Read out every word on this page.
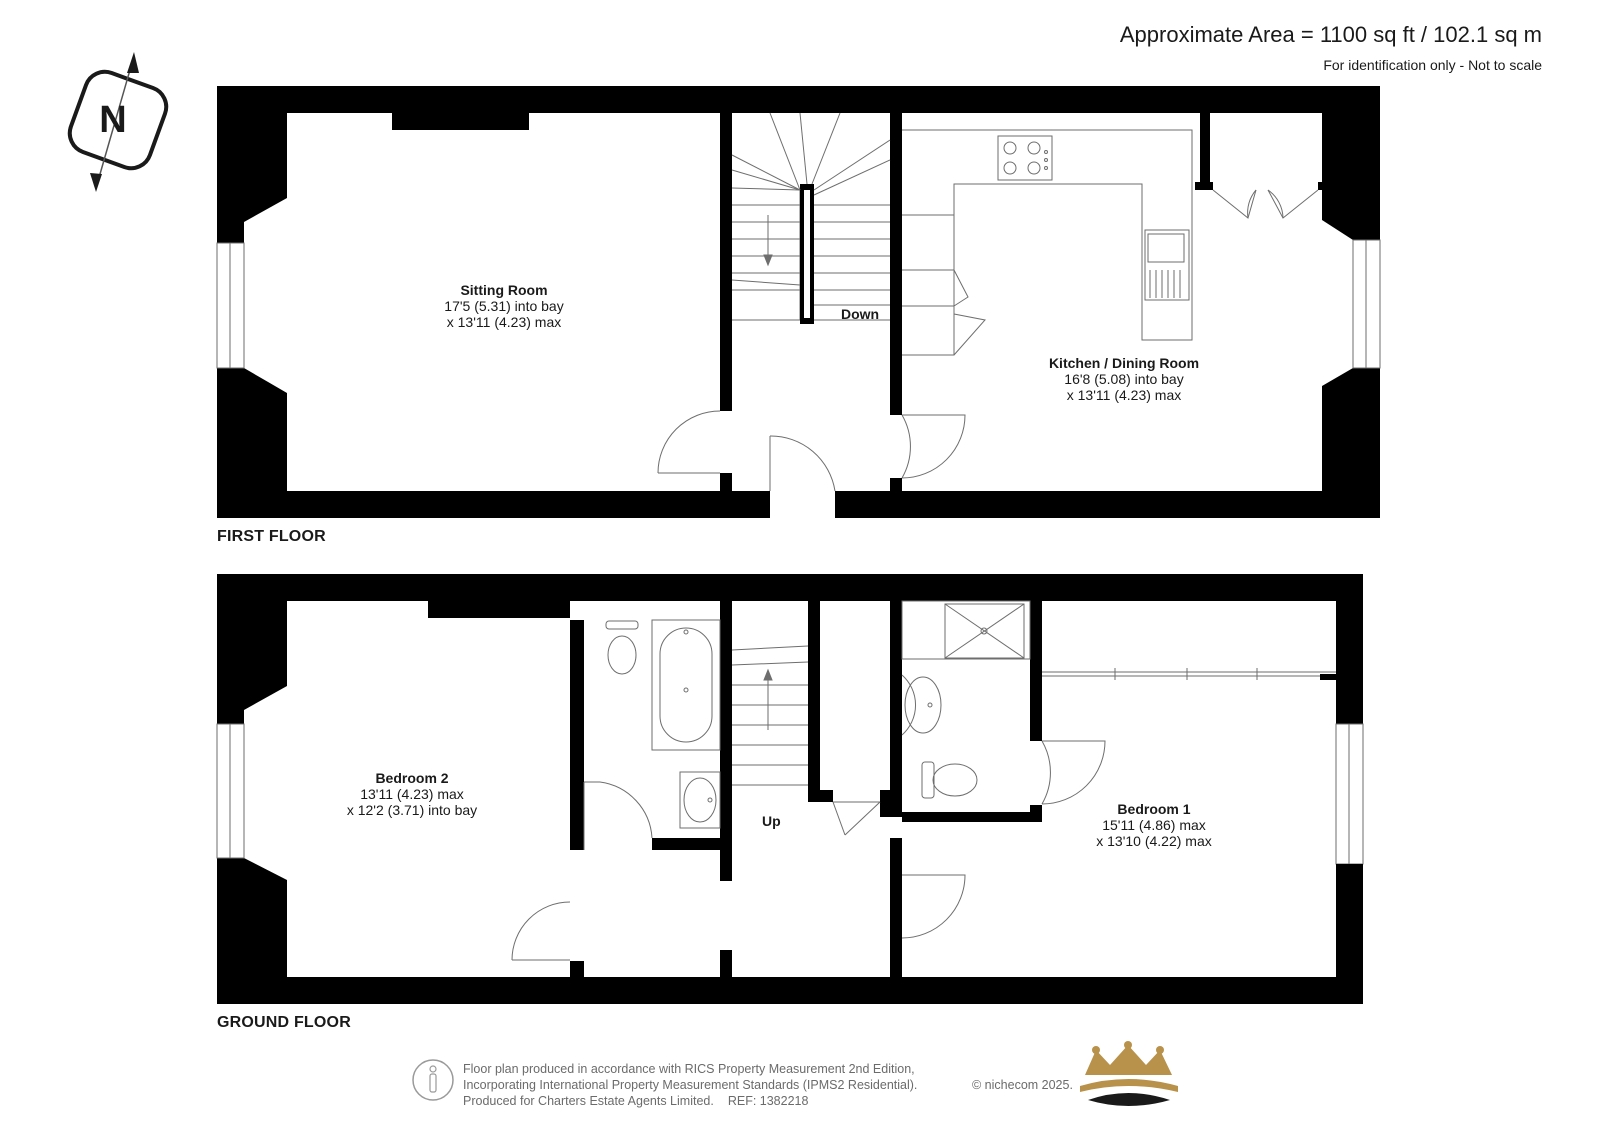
N
Approximate Area = 1100 sq ft / 102.1 sq m
For identification only - Not to scale
FIRST FLOOR
Sitting Room
17'5 (5.31) into bay
x 13'11 (4.23) max
Kitchen / Dining Room
16'8 (5.08) into bay
x 13'11 (4.23) max
Down
GROUND FLOOR
Bedroom 2
13'11 (4.23) max
x 12'2 (3.71) into bay	Bedroom 1
15'11 (4.86) max
x 13'10 (4.22) max
Up
Floor plan produced in accordance with RICS Property Measurement 2nd Edition,
Incorporating International Property Measurement Standards (IPMS2 Residential).
Produced for Charters Estate Agents Limited. REF: 1382218
© nichecom 2025.
